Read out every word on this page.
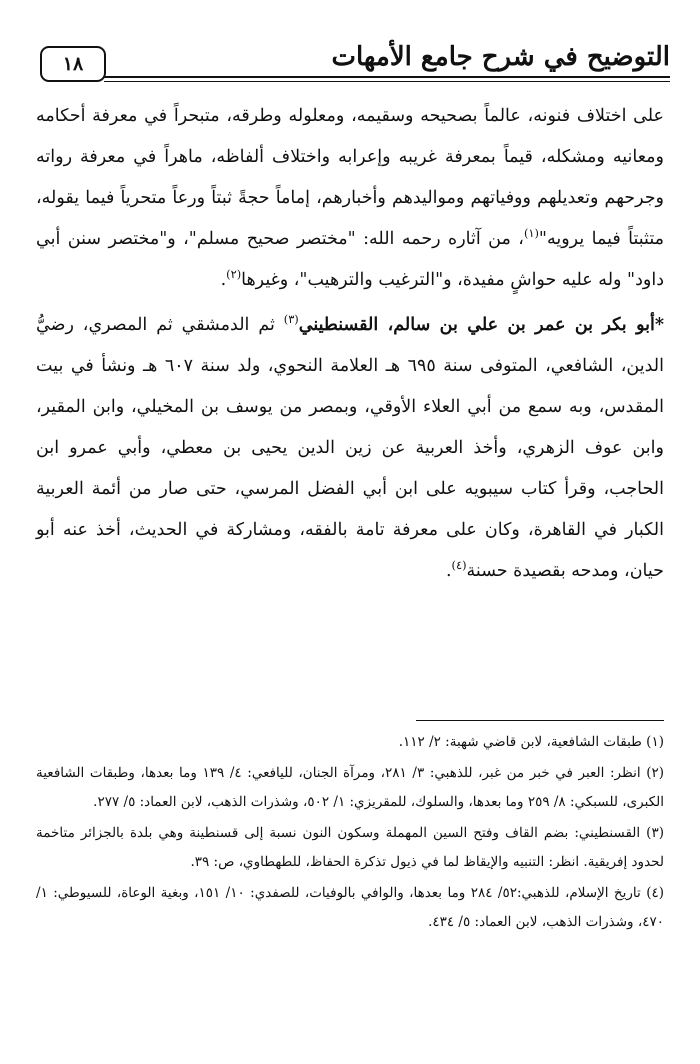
التوضيح في شرح جامع الأمهات
١٨

على اختلاف فنونه، عالماً بصحيحه وسقيمه، ومعلوله وطرقه، متبحراً في معرفة أحكامه ومعانيه ومشكله، قيماً بمعرفة غريبه وإعرابه واختلاف ألفاظه، ماهراً في معرفة رواته وجرحهم وتعديلهم ووفياتهم ومواليدهم وأخبارهم، إماماً حجةً ثبتاً ورعاً متحرياً فيما يقوله، متثبتاً فيما يرويه"$^{(١)}$، من آثاره رحمه الله: "مختصر صحيح مسلم"، و"مختصر سنن أبي داود" وله عليه حواشٍ مفيدة، و"الترغيب والترهيب"، وغيرها$^{(٢)}$.

*أبو بكر بن عمر بن علي بن سالم، القسنطيني$^{(٣)}$ ثم الدمشقي ثم المصري، رضيُّ الدين، الشافعي، المتوفى سنة ٦٩٥ هـ العلامة النحوي، ولد سنة ٦٠٧ هـ ونشأ في بيت المقدس، وبه سمع من أبي العلاء الأوقي، وبمصر من يوسف بن المخيلي، وابن المقير، وابن عوف الزهري، وأخذ العربية عن زين الدين يحيى بن معطي، وأبي عمرو ابن الحاجب، وقرأ كتاب سيبويه على ابن أبي الفضل المرسي، حتى صار من أئمة العربية الكبار في القاهرة، وكان على معرفة تامة بالفقه، ومشاركة في الحديث، أخذ عنه أبو حيان، ومدحه بقصيدة حسنة$^{(٤)}$.

(١) طبقات الشافعية، لابن قاضي شهبة: ٢/ ١١٢.

(٢) انظر: العبر في خبر من غبر، للذهبي: ٣/ ٢٨١، ومرآة الجنان، لليافعي: ٤/ ١٣٩ وما بعدها، وطبقات الشافعية الكبرى، للسبكي: ٨/ ٢٥٩ وما بعدها، والسلوك، للمقريزي: ١/ ٥٠٢، وشذرات الذهب، لابن العماد: ٥/ ٢٧٧.

(٣) القسنطيني: بضم القاف وفتح السين المهملة وسكون النون نسبة إلى قسنطينة وهي بلدة بالجزائر متاخمة لحدود إفريقية. انظر: التنبيه والإيقاظ لما في ذيول تذكرة الحفاظ، للطهطاوي، ص: ٣٩.

(٤) تاريخ الإسلام، للذهبي:٥٢/ ٢٨٤ وما بعدها، والوافي بالوفيات، للصفدي: ١٠/ ١٥١، وبغية الوعاة، للسيوطي: ١/ ٤٧٠، وشذرات الذهب، لابن العماد: ٥/ ٤٣٤.
